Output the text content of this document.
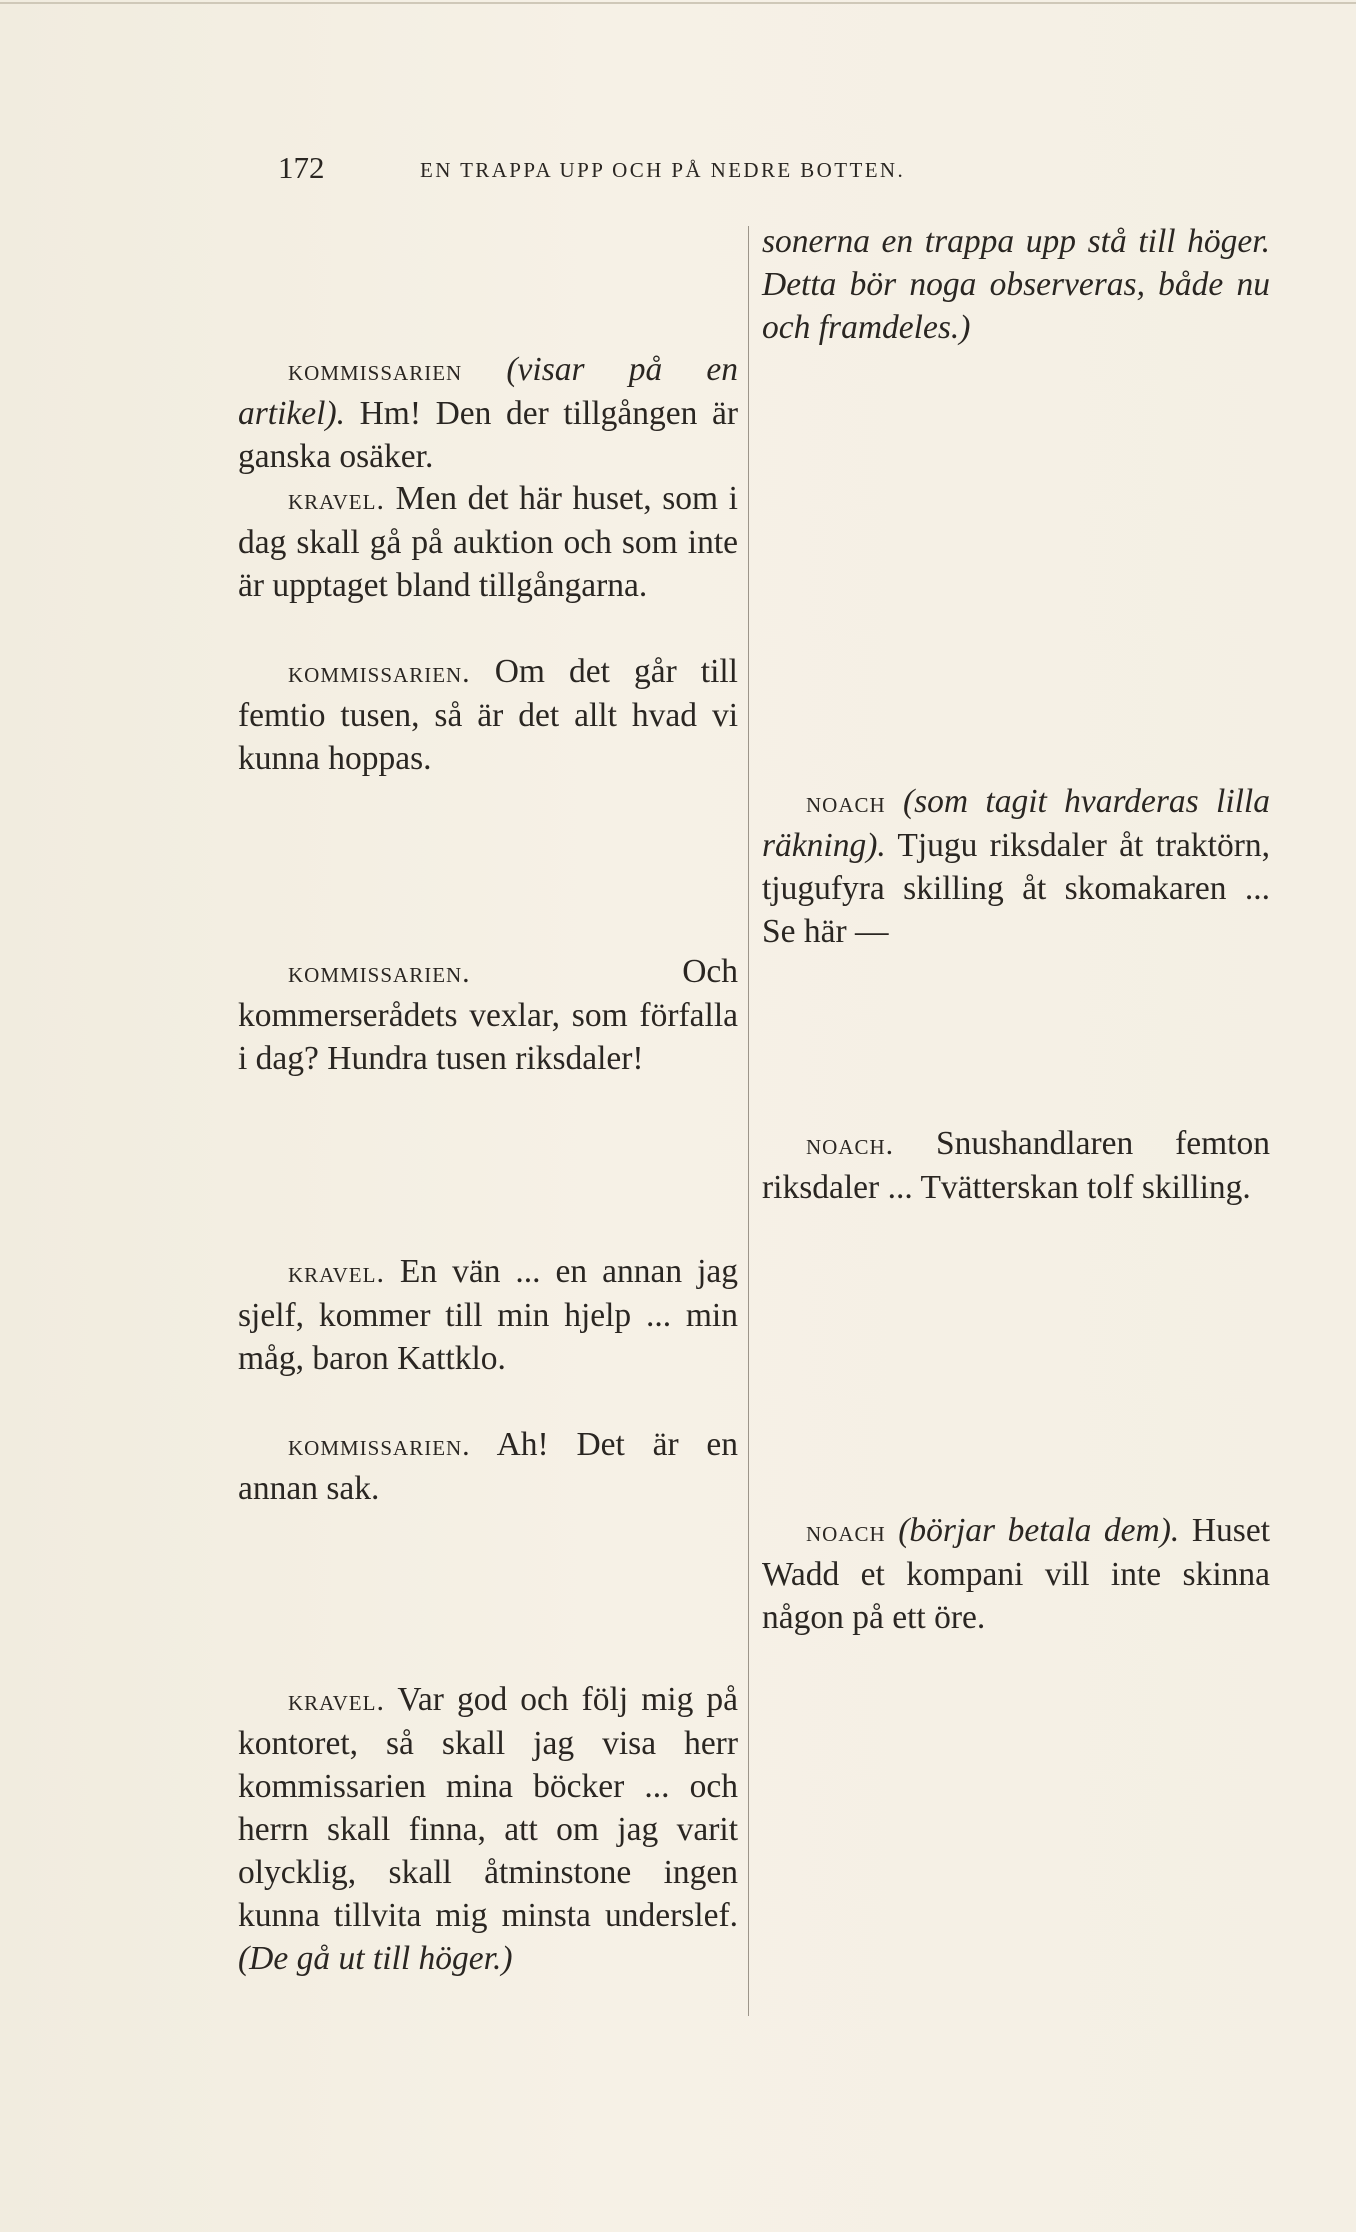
172	EN TRAPPA UPP OCH PÅ NEDRE BOTTEN.

kommissarien (visar på en artikel). Hm! Den der tillgången är ganska osäker.

kravel. Men det här huset, som i dag skall gå på auktion och som inte är upptaget bland tillgångarna.

kommissarien. Om det går till femtio tusen, så är det allt hvad vi kunna hoppas.

kommissarien. Och kommerserådets vexlar, som förfalla i dag? Hundra tusen riksdaler!

kravel. En vän ... en annan jag sjelf, kommer till min hjelp ... min måg, baron Kattklo.

kommissarien. Ah! Det är en annan sak.

kravel. Var god och följ mig på kontoret, så skall jag visa herr kommissarien mina böcker ... och herrn skall finna, att om jag varit olycklig, skall åtminstone ingen kunna tillvita mig minsta underslef. (De gå ut till höger.)

sonerna en trappa upp stå till höger. Detta bör noga observeras, både nu och framdeles.)

noach (som tagit hvarderas lilla räkning). Tjugu riksdaler åt traktörn, tjugufyra skilling åt skomakaren ... Se här —

noach. Snushandlaren femton riksdaler ... Tvätterskan tolf skilling.

noach (börjar betala dem). Huset Wadd et kompani vill inte skinna någon på ett öre.
